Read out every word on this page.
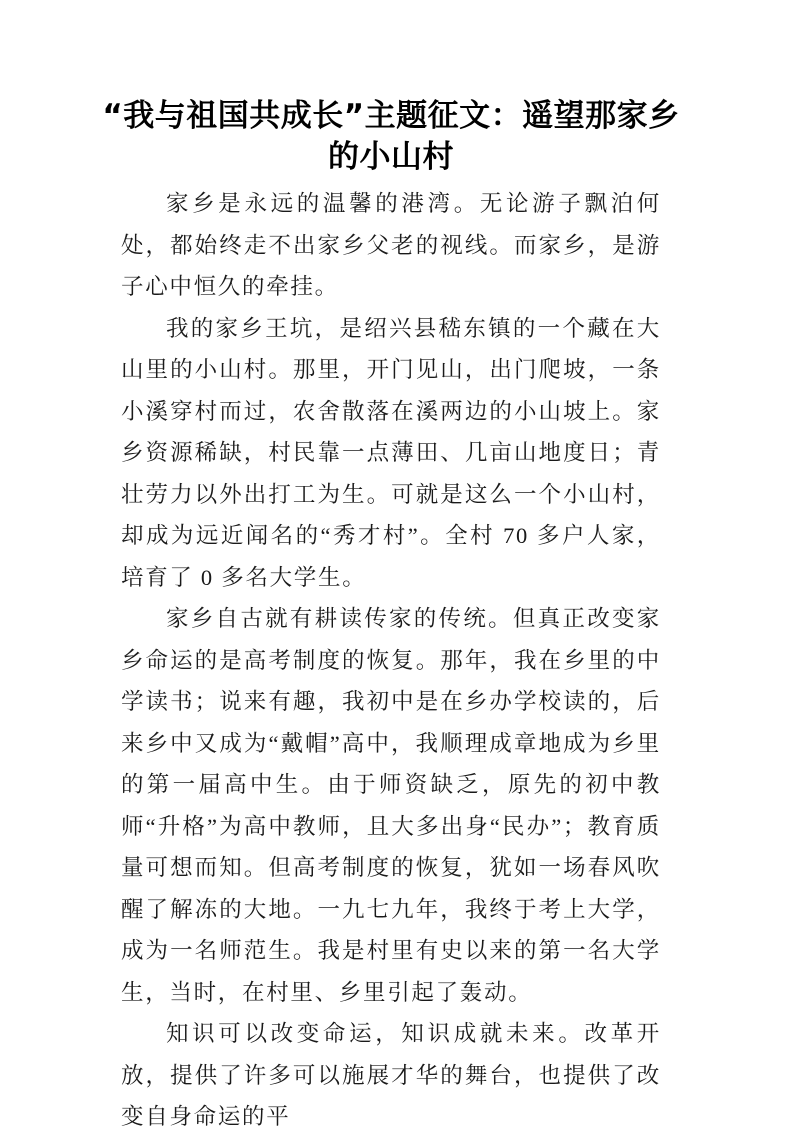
“我与祖国共成长”主题征文：遥望那家乡的小山村

家乡是永远的温馨的港湾。无论游子飘泊何处，都始终走不出家乡父老的视线。而家乡，是游子心中恒久的牵挂。

我的家乡王坑，是绍兴县嵇东镇的一个藏在大山里的小山村。那里，开门见山，出门爬坡，一条小溪穿村而过，农舍散落在溪两边的小山坡上。家乡资源稀缺，村民靠一点薄田、几亩山地度日；青壮劳力以外出打工为生。可就是这么一个小山村，却成为远近闻名的“秀才村”。全村 70 多户人家，培育了 0 多名大学生。

家乡自古就有耕读传家的传统。但真正改变家乡命运的是高考制度的恢复。那年，我在乡里的中学读书；说来有趣，我初中是在乡办学校读的，后来乡中又成为“戴帽”高中，我顺理成章地成为乡里的第一届高中生。由于师资缺乏，原先的初中教师“升格”为高中教师，且大多出身“民办”；教育质量可想而知。但高考制度的恢复，犹如一场春风吹醒了解冻的大地。一九七九年，我终于考上大学，成为一名师范生。我是村里有史以来的第一名大学生，当时，在村里、乡里引起了轰动。

知识可以改变命运，知识成就未来。改革开放，提供了许多可以施展才华的舞台，也提供了改变自身命运的平
